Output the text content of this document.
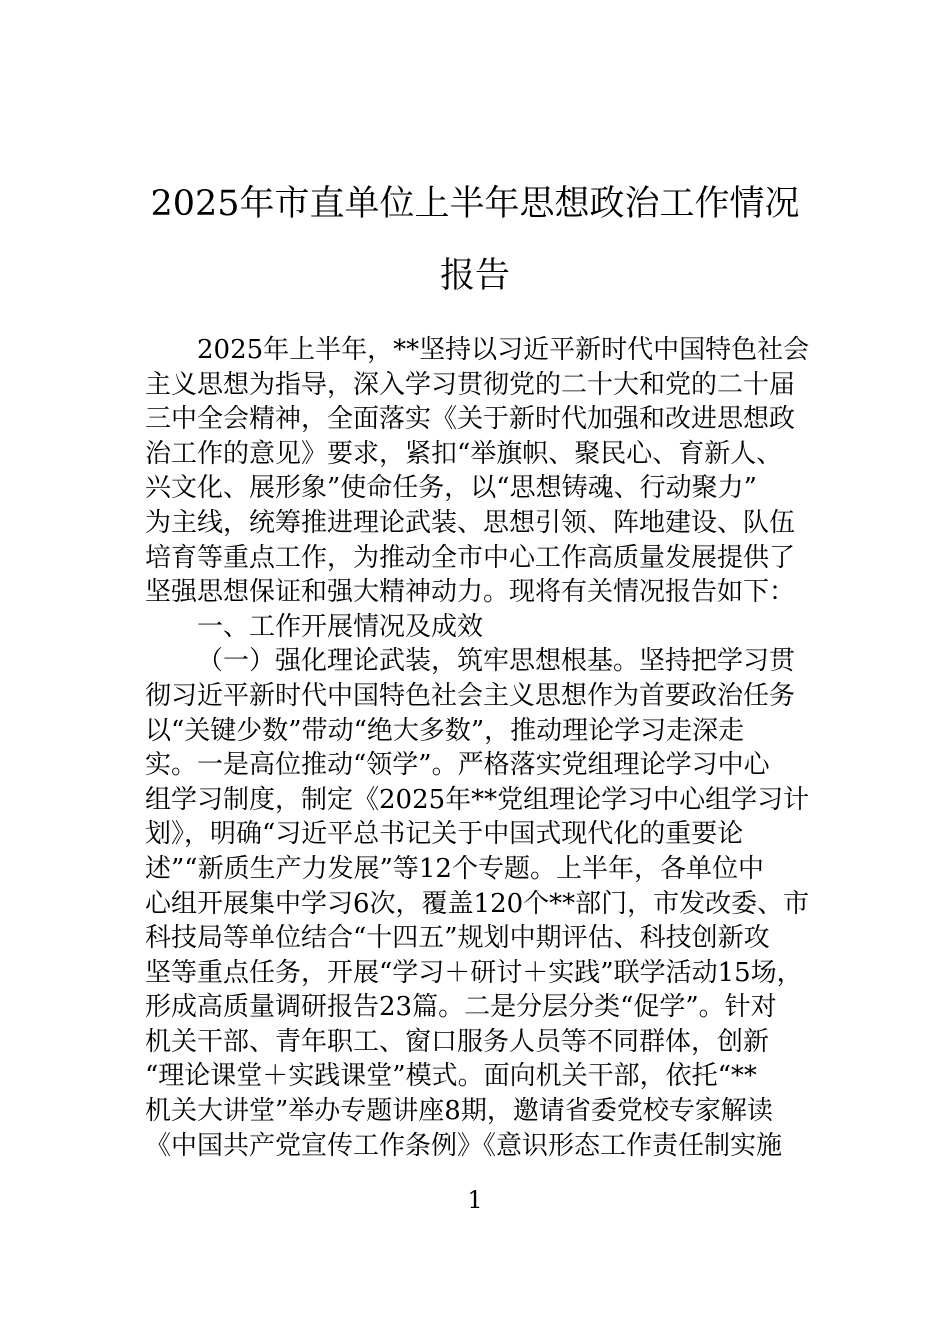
2025年市直单位上半年思想政治工作情况
报告
2025年上半年，**坚持以习近平新时代中国特色社会
主义思想为指导，深入学习贯彻党的二十大和党的二十届
三中全会精神，全面落实《关于新时代加强和改进思想政
治工作的意见》要求，紧扣“举旗帜、聚民心、育新人、
兴文化、展形象”使命任务，以“思想铸魂、行动聚力”
为主线，统筹推进理论武装、思想引领、阵地建设、队伍
培育等重点工作，为推动全市中心工作高质量发展提供了
坚强思想保证和强大精神动力。现将有关情况报告如下：
一、工作开展情况及成效
（一）强化理论武装，筑牢思想根基。坚持把学习贯
彻习近平新时代中国特色社会主义思想作为首要政治任务
以“关键少数”带动“绝大多数”，推动理论学习走深走
实。一是高位推动“领学”。严格落实党组理论学习中心
组学习制度，制定《2025年**党组理论学习中心组学习计
划》，明确“习近平总书记关于中国式现代化的重要论
述”“新质生产力发展”等12个专题。上半年，各单位中
心组开展集中学习6次，覆盖120个**部门，市发改委、市
科技局等单位结合“十四五”规划中期评估、科技创新攻
坚等重点任务，开展“学习＋研讨＋实践”联学活动15场，
形成高质量调研报告23篇。二是分层分类“促学”。针对
机关干部、青年职工、窗口服务人员等不同群体，创新
“理论课堂＋实践课堂”模式。面向机关干部，依托“**
机关大讲堂”举办专题讲座8期，邀请省委党校专家解读
《中国共产党宣传工作条例》《意识形态工作责任制实施
1
